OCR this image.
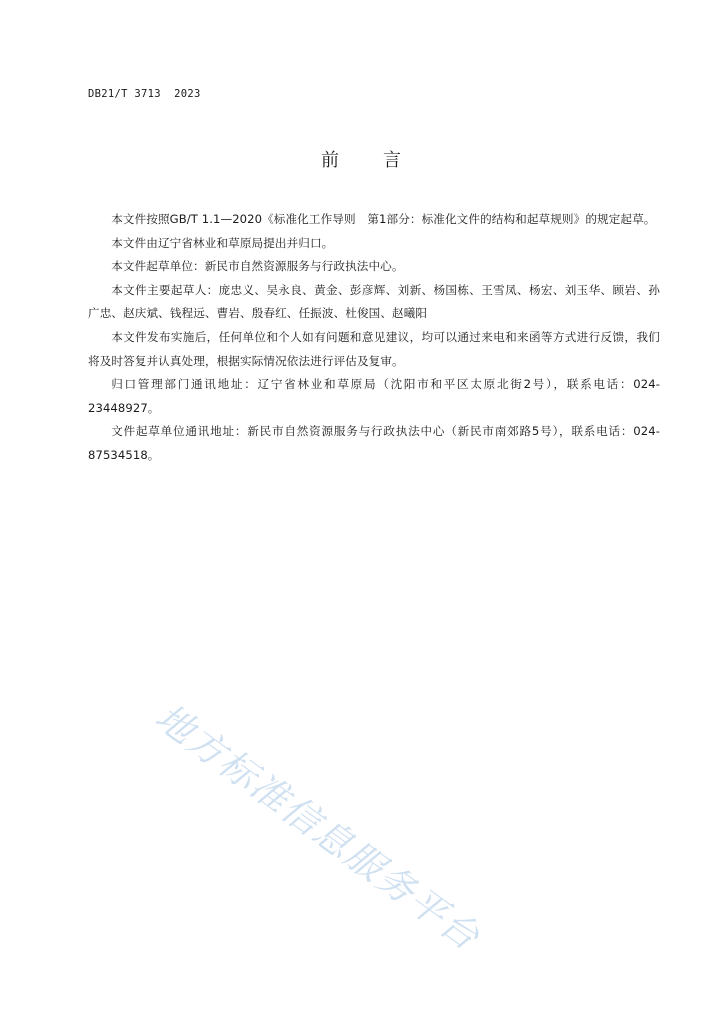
DB21/T 3713  2023
前 言

本文件按照GB/T 1.1—2020《标准化工作导则　第1部分：标准化文件的结构和起草规则》的规定起草。

本文件由辽宁省林业和草原局提出并归口。

本文件起草单位：新民市自然资源服务与行政执法中心。

本文件主要起草人：庞忠义、吴永良、黄金、彭彦辉、刘新、杨国栋、王雪凤、杨宏、刘玉华、顾岩、孙广忠、赵庆斌、钱程远、曹岩、殷春红、任振波、杜俊国、赵曦阳

本文件发布实施后，任何单位和个人如有问题和意见建议，均可以通过来电和来函等方式进行反馈，我们将及时答复并认真处理，根据实际情况依法进行评估及复审。

归口管理部门通讯地址：辽宁省林业和草原局（沈阳市和平区太原北街2号），联系电话：024-23448927。

文件起草单位通讯地址：新民市自然资源服务与行政执法中心（新民市南郊路5号），联系电话：024-87534518。

地方标准信息服务平台
